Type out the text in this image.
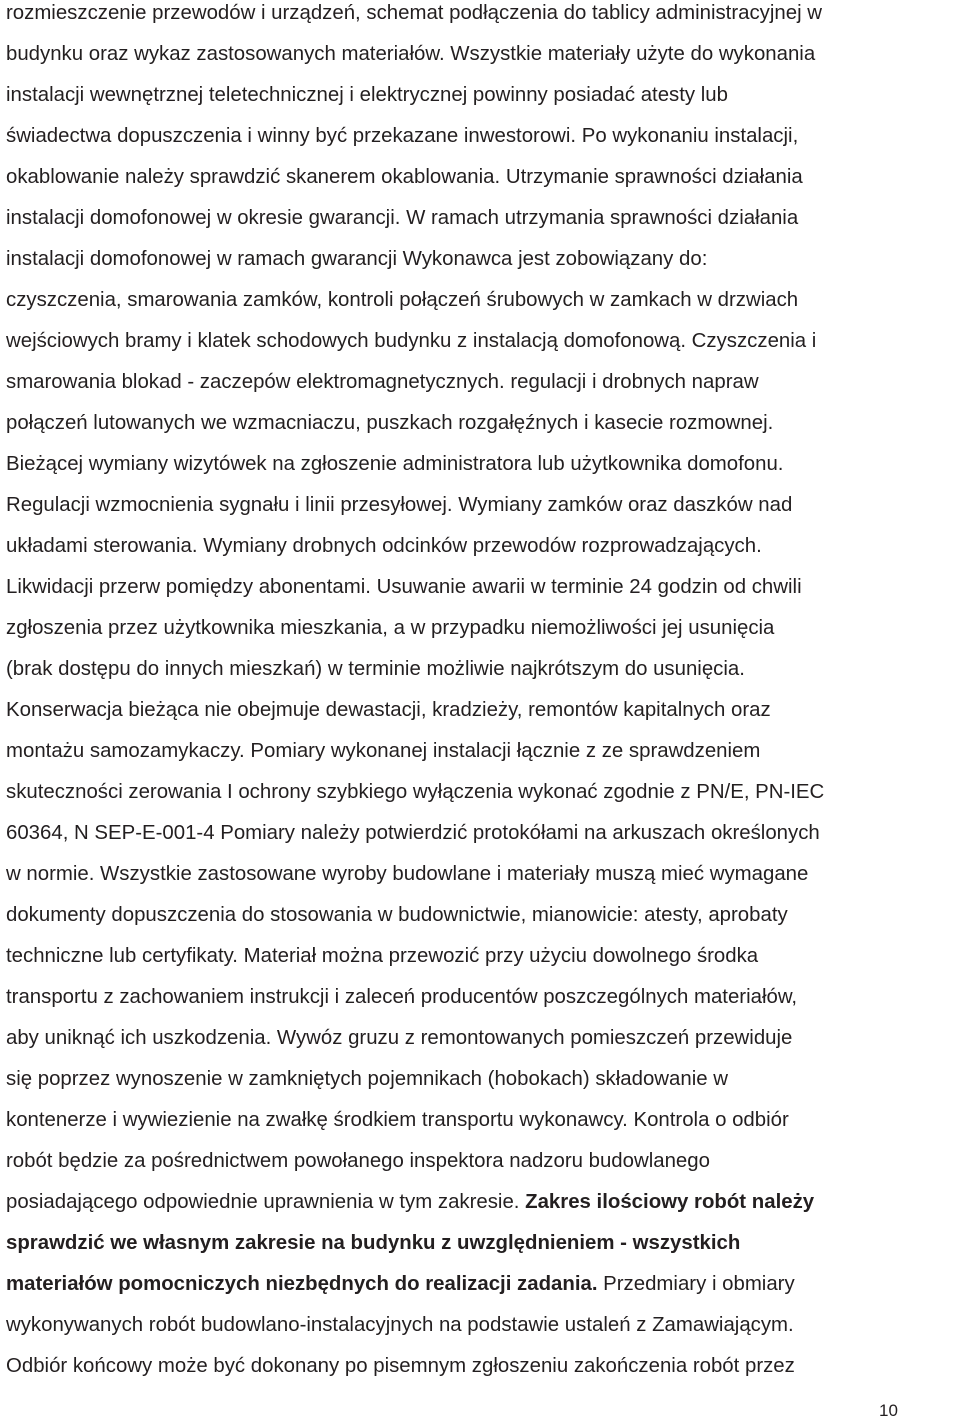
rozmieszczenie przewodów i urządzeń, schemat podłączenia do tablicy administracyjnej w
budynku oraz wykaz zastosowanych materiałów. Wszystkie materiały użyte do wykonania
instalacji wewnętrznej teletechnicznej i elektrycznej powinny posiadać atesty lub
świadectwa dopuszczenia i winny być przekazane inwestorowi. Po wykonaniu instalacji,
okablowanie należy sprawdzić skanerem okablowania. Utrzymanie sprawności działania
instalacji domofonowej w okresie gwarancji. W ramach utrzymania sprawności działania
instalacji domofonowej w ramach gwarancji Wykonawca jest zobowiązany do:
czyszczenia, smarowania zamków, kontroli połączeń śrubowych w zamkach w drzwiach
wejściowych bramy i klatek schodowych budynku z instalacją domofonową. Czyszczenia i
smarowania blokad - zaczepów elektromagnetycznych. regulacji i drobnych napraw
połączeń lutowanych we wzmacniaczu, puszkach rozgałęźnych i kasecie rozmownej.
Bieżącej wymiany wizytówek na zgłoszenie administratora lub użytkownika domofonu.
Regulacji wzmocnienia sygnału i linii przesyłowej. Wymiany zamków oraz daszków nad
układami sterowania. Wymiany drobnych odcinków przewodów rozprowadzających.
Likwidacji przerw pomiędzy abonentami. Usuwanie awarii w terminie 24 godzin od chwili
zgłoszenia przez użytkownika mieszkania, a w przypadku niemożliwości jej usunięcia
(brak dostępu do innych mieszkań) w terminie możliwie najkrótszym do usunięcia.
Konserwacja bieżąca nie obejmuje dewastacji, kradzieży, remontów kapitalnych oraz
montażu samozamykaczy. Pomiary wykonanej instalacji łącznie z ze sprawdzeniem
skuteczności zerowania I ochrony szybkiego wyłączenia wykonać zgodnie z PN/E, PN-IEC
60364, N SEP-E-001-4 Pomiary należy potwierdzić protokółami na arkuszach określonych
w normie. Wszystkie zastosowane wyroby budowlane i materiały muszą mieć wymagane
dokumenty dopuszczenia do stosowania w budownictwie, mianowicie: atesty, aprobaty
techniczne lub certyfikaty. Materiał można przewozić przy użyciu dowolnego środka
transportu z zachowaniem instrukcji i zaleceń producentów poszczególnych materiałów,
aby uniknąć ich uszkodzenia. Wywóz gruzu z remontowanych pomieszczeń przewiduje
się poprzez wynoszenie w zamkniętych pojemnikach (hobokach) składowanie w
kontenerze i wywiezienie na zwałkę środkiem transportu wykonawcy. Kontrola o odbiór
robót będzie za pośrednictwem powołanego inspektora nadzoru budowlanego
posiadającego odpowiednie uprawnienia w tym zakresie. Zakres ilościowy robót należy
sprawdzić we własnym zakresie na budynku z uwzględnieniem - wszystkich
materiałów pomocniczych niezbędnych do realizacji zadania. Przedmiary i obmiary
wykonywanych robót budowlano-instalacyjnych na podstawie ustaleń z Zamawiającym.
Odbiór końcowy może być dokonany po pisemnym zgłoszeniu zakończenia robót przez
10
